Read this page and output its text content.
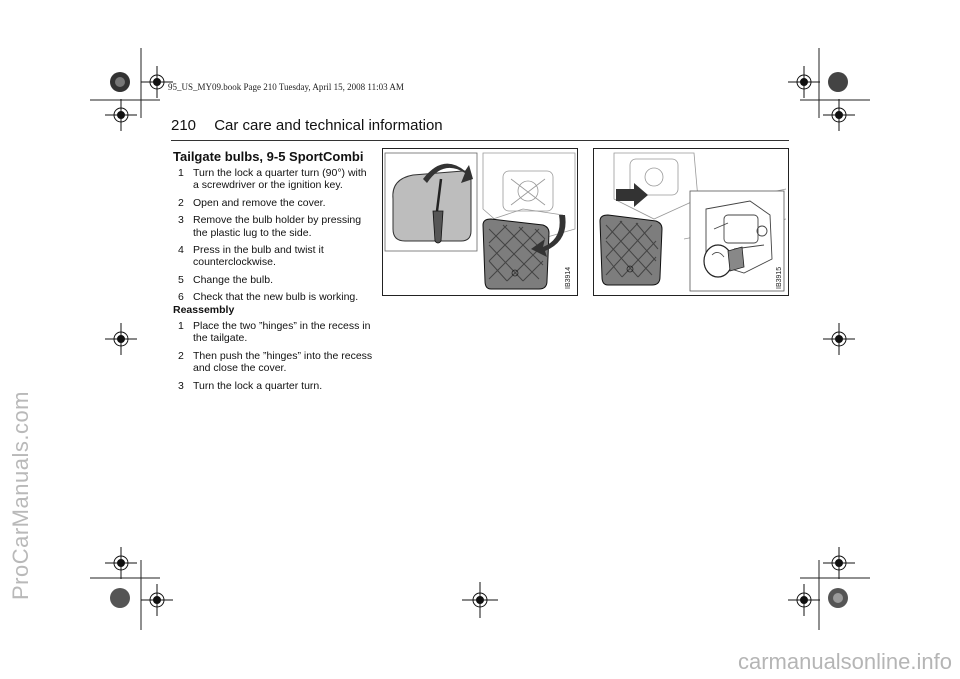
ProCarManuals.com
carmanualsonline.info
95_US_MY09.book Page 210 Tuesday, April 15, 2008 11:03 AM
210 Car care and technical information
Tailgate bulbs, 9-5 SportCombi
1 Turn the lock a quarter turn (90°) with a screwdriver or the ignition key.
2 Open and remove the cover.
3 Remove the bulb holder by pressing the plastic lug to the side.
4 Press in the bulb and twist it counterclockwise.
5 Change the bulb.
6 Check that the new bulb is working.
Reassembly
1 Place the two ”hinges” in the recess in the tailgate.
2 Then push the ”hinges” into the recess and close the cover.
3 Turn the lock a quarter turn.
IB3914	IB3915
